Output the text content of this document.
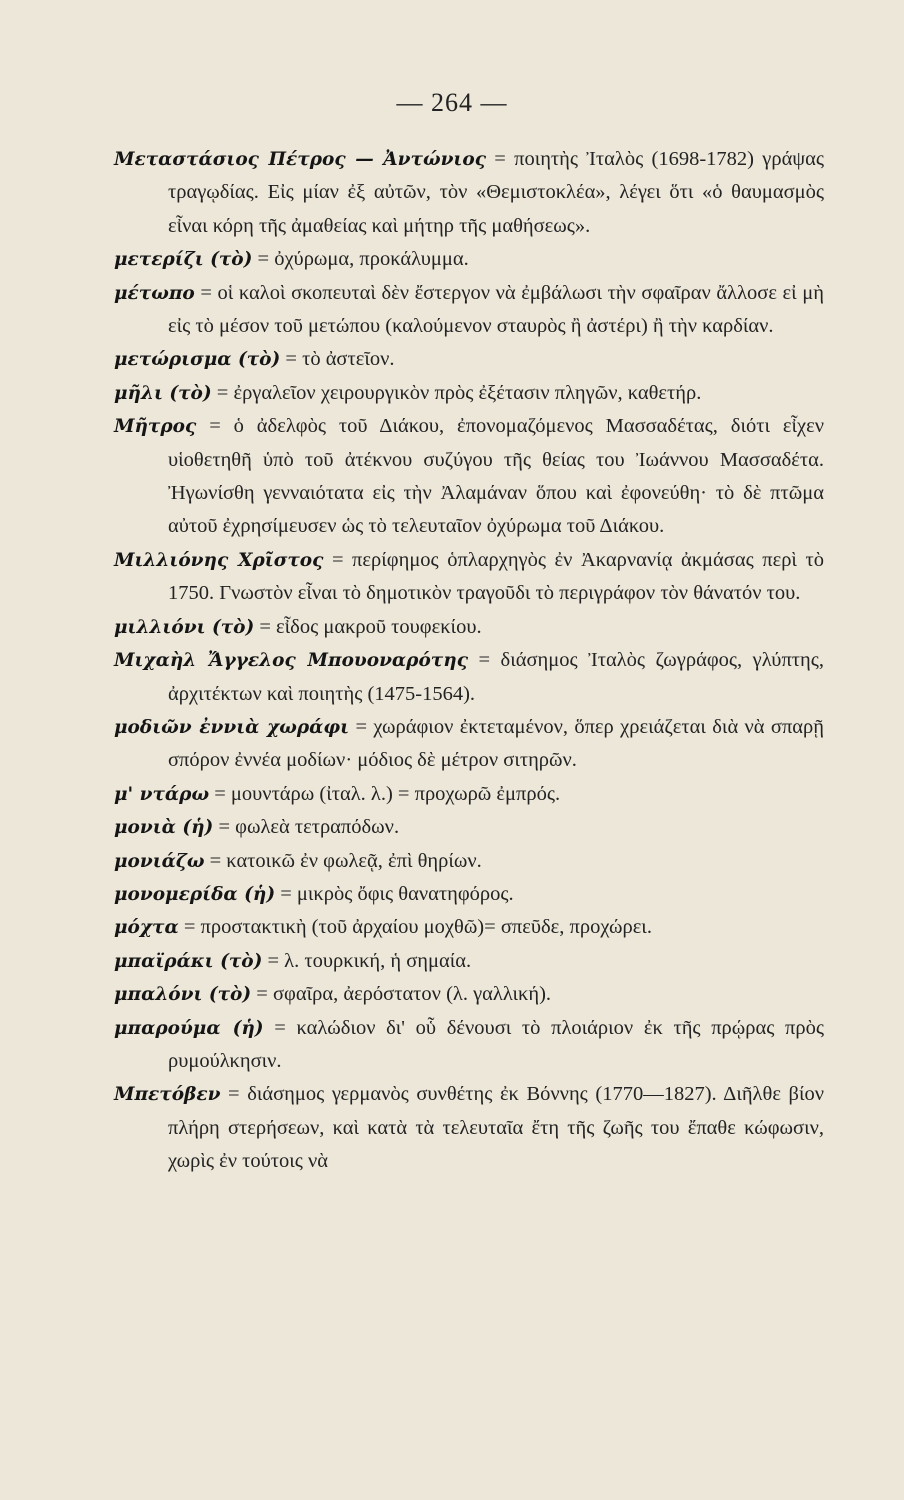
— 264 —

Μεταστάσιος Πέτρος — Ἀντώνιος = ποιητὴς Ἰταλὸς (1698-1782) γράψας τραγῳδίας. Εἰς μίαν ἐξ αὐτῶν, τὸν «Θεμιστοκλέα», λέγει ὅτι «ὁ θαυμασμὸς εἶναι κόρη τῆς ἀμαθείας καὶ μήτηρ τῆς μαθήσεως».

μετερίζι (τὸ) = ὀχύρωμα, προκάλυμμα.

μέτωπο = οἱ καλοὶ σκοπευταὶ δὲν ἔστεργον νὰ ἐμβάλωσι τὴν σφαῖραν ἄλλοσε εἰ μὴ εἰς τὸ μέσον τοῦ μετώπου (καλούμενον σταυρὸς ἢ ἀστέρι) ἢ τὴν καρδίαν.

μετώρισμα (τὸ) = τὸ ἀστεῖον.

μῆλι (τὸ) = ἐργαλεῖον χειρουργικὸν πρὸς ἐξέτασιν πληγῶν, καθετήρ.

Μῆτρος = ὁ ἀδελφὸς τοῦ Διάκου, ἐπονομαζόμενος Μασσαδέτας, διότι εἶχεν υἱοθετηθῆ ὑπὸ τοῦ ἀτέκνου συζύγου τῆς θείας του Ἰωάννου Μασσαδέτα. Ἠγωνίσθη γενναιότατα εἰς τὴν Ἀλαμάναν ὅπου καὶ ἐφονεύθη· τὸ δὲ πτῶμα αὐτοῦ ἐχρησίμευσεν ὡς τὸ τελευταῖον ὀχύρωμα τοῦ Διάκου.

Μιλλιόνης Χρῖστος = περίφημος ὁπλαρχηγὸς ἐν Ἀκαρνανίᾳ ἀκμάσας περὶ τὸ 1750. Γνωστὸν εἶναι τὸ δημοτικὸν τραγοῦδι τὸ περιγράφον τὸν θάνατόν του.

μιλλιόνι (τὸ) = εἶδος μακροῦ τουφεκίου.

Μιχαὴλ Ἄγγελος Μπουοναρότης = διάσημος Ἰταλὸς ζωγράφος, γλύπτης, ἀρχιτέκτων καὶ ποιητὴς (1475-1564).

μοδιῶν ἐννιὰ χωράφι = χωράφιον ἐκτεταμένον, ὅπερ χρειάζεται διὰ νὰ σπαρῇ σπόρον ἐννέα μοδίων· μόδιος δὲ μέτρον σιτηρῶν.

μ' ντάρω = μουντάρω (ἰταλ. λ.) = προχωρῶ ἐμπρός.

μονιὰ (ἡ) = φωλεὰ τετραπόδων.

μονιάζω = κατοικῶ ἐν φωλεᾷ, ἐπὶ θηρίων.

μονομερίδα (ἡ) = μικρὸς ὄφις θανατηφόρος.

μόχτα = προστακτικὴ (τοῦ ἀρχαίου μοχθῶ)= σπεῦδε, προχώρει.

μπαϊράκι (τὸ) = λ. τουρκική, ἡ σημαία.

μπαλόνι (τὸ) = σφαῖρα, ἀερόστατον (λ. γαλλική).

μπαρούμα (ἡ) = καλώδιον δι' οὗ δένουσι τὸ πλοιάριον ἐκ τῆς πρῴρας πρὸς ρυμούλκησιν.

Μπετόβεν = διάσημος γερμανὸς συνθέτης ἐκ Βόννης (1770—1827). Διῆλθε βίον πλήρη στερήσεων, καὶ κατὰ τὰ τελευταῖα ἔτη τῆς ζωῆς του ἔπαθε κώφωσιν, χωρὶς ἐν τούτοις νὰ
